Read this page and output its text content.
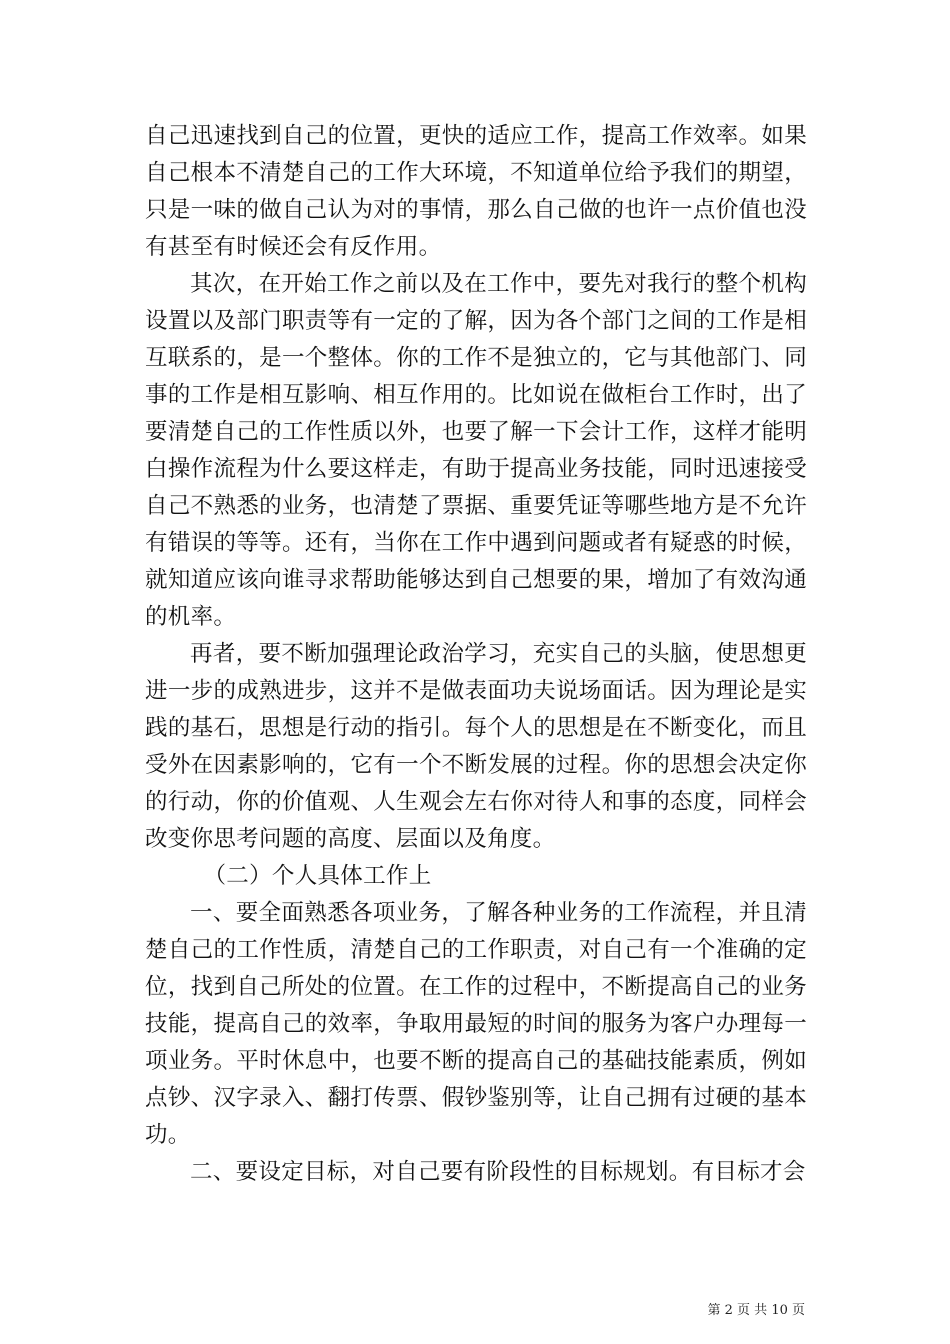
自己迅速找到自己的位置，更快的适应工作，提高工作效率。如果自己根本不清楚自己的工作大环境，不知道单位给予我们的期望，只是一味的做自己认为对的事情，那么自己做的也许一点价值也没有甚至有时候还会有反作用。

其次，在开始工作之前以及在工作中，要先对我行的整个机构设置以及部门职责等有一定的了解，因为各个部门之间的工作是相互联系的，是一个整体。你的工作不是独立的，它与其他部门、同事的工作是相互影响、相互作用的。比如说在做柜台工作时，出了要清楚自己的工作性质以外，也要了解一下会计工作，这样才能明白操作流程为什么要这样走，有助于提高业务技能，同时迅速接受自己不熟悉的业务，也清楚了票据、重要凭证等哪些地方是不允许有错误的等等。还有，当你在工作中遇到问题或者有疑惑的时候，就知道应该向谁寻求帮助能够达到自己想要的果，增加了有效沟通的机率。

再者，要不断加强理论政治学习，充实自己的头脑，使思想更进一步的成熟进步，这并不是做表面功夫说场面话。因为理论是实践的基石，思想是行动的指引。每个人的思想是在不断变化，而且受外在因素影响的，它有一个不断发展的过程。你的思想会决定你的行动，你的价值观、人生观会左右你对待人和事的态度，同样会改变你思考问题的高度、层面以及角度。

（二）个人具体工作上

一、要全面熟悉各项业务，了解各种业务的工作流程，并且清楚自己的工作性质，清楚自己的工作职责，对自己有一个准确的定位，找到自己所处的位置。在工作的过程中，不断提高自己的业务技能，提高自己的效率，争取用最短的时间的服务为客户办理每一项业务。平时休息中，也要不断的提高自己的基础技能素质，例如点钞、汉字录入、翻打传票、假钞鉴别等，让自己拥有过硬的基本功。

二、要设定目标，对自己要有阶段性的目标规划。有目标才会

第 2 页 共 10 页
